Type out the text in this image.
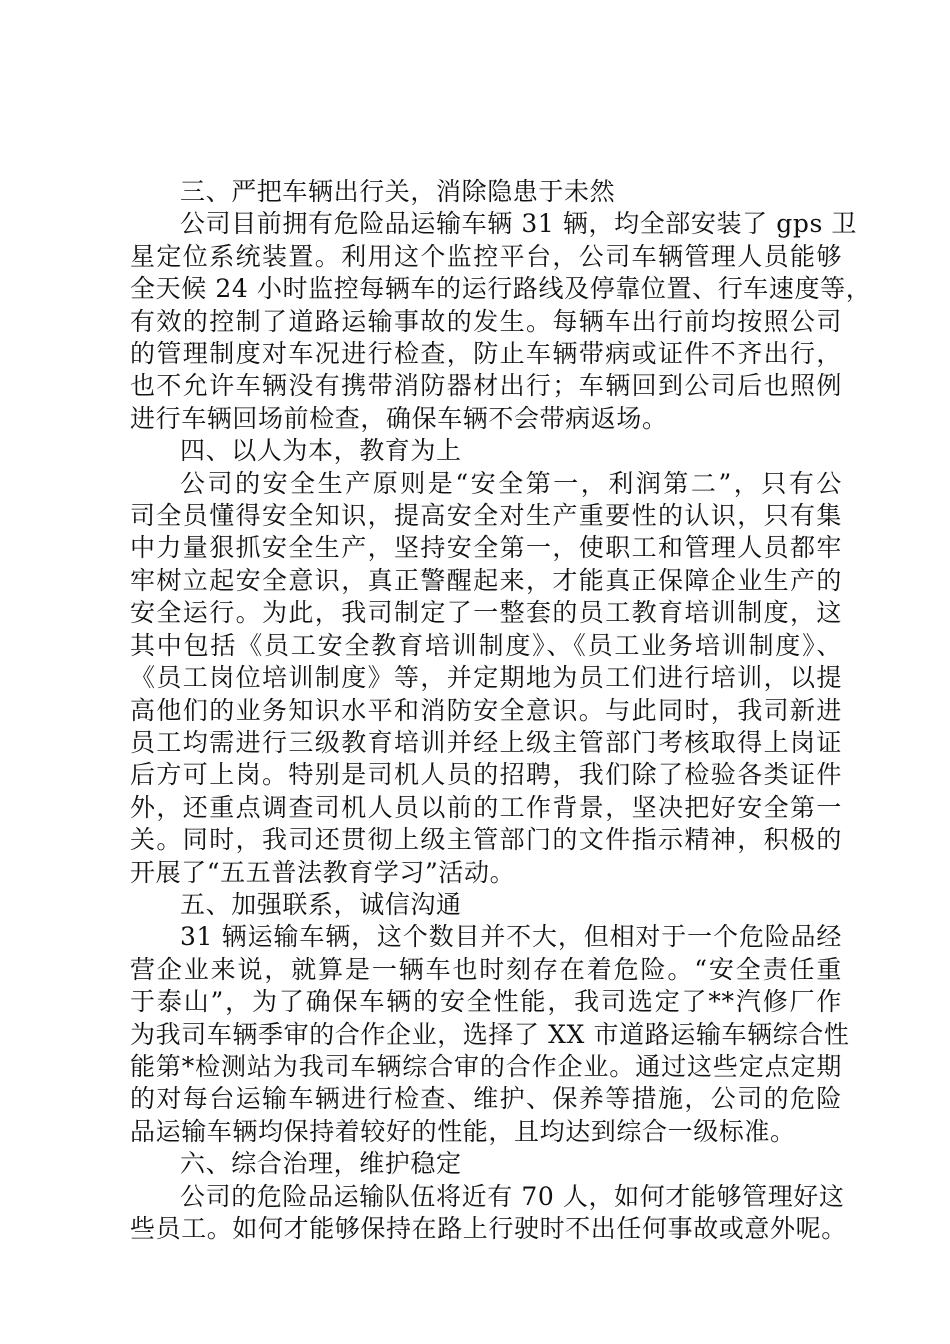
三、严把车辆出行关，消除隐患于未然

公司目前拥有危险品运输车辆 31 辆，均全部安装了 gps 卫
星定位系统装置。利用这个监控平台，公司车辆管理人员能够
全天候 24 小时监控每辆车的运行路线及停靠位置、行车速度等，
有效的控制了道路运输事故的发生。每辆车出行前均按照公司
的管理制度对车况进行检查，防止车辆带病或证件不齐出行，
也不允许车辆没有携带消防器材出行；车辆回到公司后也照例
进行车辆回场前检查，确保车辆不会带病返场。

四、以人为本，教育为上

公司的安全生产原则是“安全第一，利润第二”，只有公
司全员懂得安全知识，提高安全对生产重要性的认识，只有集
中力量狠抓安全生产，坚持安全第一，使职工和管理人员都牢
牢树立起安全意识，真正警醒起来，才能真正保障企业生产的
安全运行。为此，我司制定了一整套的员工教育培训制度，这
其中包括《员工安全教育培训制度》、《员工业务培训制度》、
《员工岗位培训制度》等，并定期地为员工们进行培训，以提
高他们的业务知识水平和消防安全意识。与此同时，我司新进
员工均需进行三级教育培训并经上级主管部门考核取得上岗证
后方可上岗。特别是司机人员的招聘，我们除了检验各类证件
外，还重点调查司机人员以前的工作背景，坚决把好安全第一
关。同时，我司还贯彻上级主管部门的文件指示精神，积极的
开展了“五五普法教育学习”活动。

五、加强联系，诚信沟通

31 辆运输车辆，这个数目并不大，但相对于一个危险品经
营企业来说，就算是一辆车也时刻存在着危险。“安全责任重
于泰山”，为了确保车辆的安全性能，我司选定了**汽修厂作
为我司车辆季审的合作企业，选择了 XX 市道路运输车辆综合性
能第*检测站为我司车辆综合审的合作企业。通过这些定点定期
的对每台运输车辆进行检查、维护、保养等措施，公司的危险
品运输车辆均保持着较好的性能，且均达到综合一级标准。

六、综合治理，维护稳定

公司的危险品运输队伍将近有 70 人，如何才能够管理好这
些员工。如何才能够保持在路上行驶时不出任何事故或意外呢。
